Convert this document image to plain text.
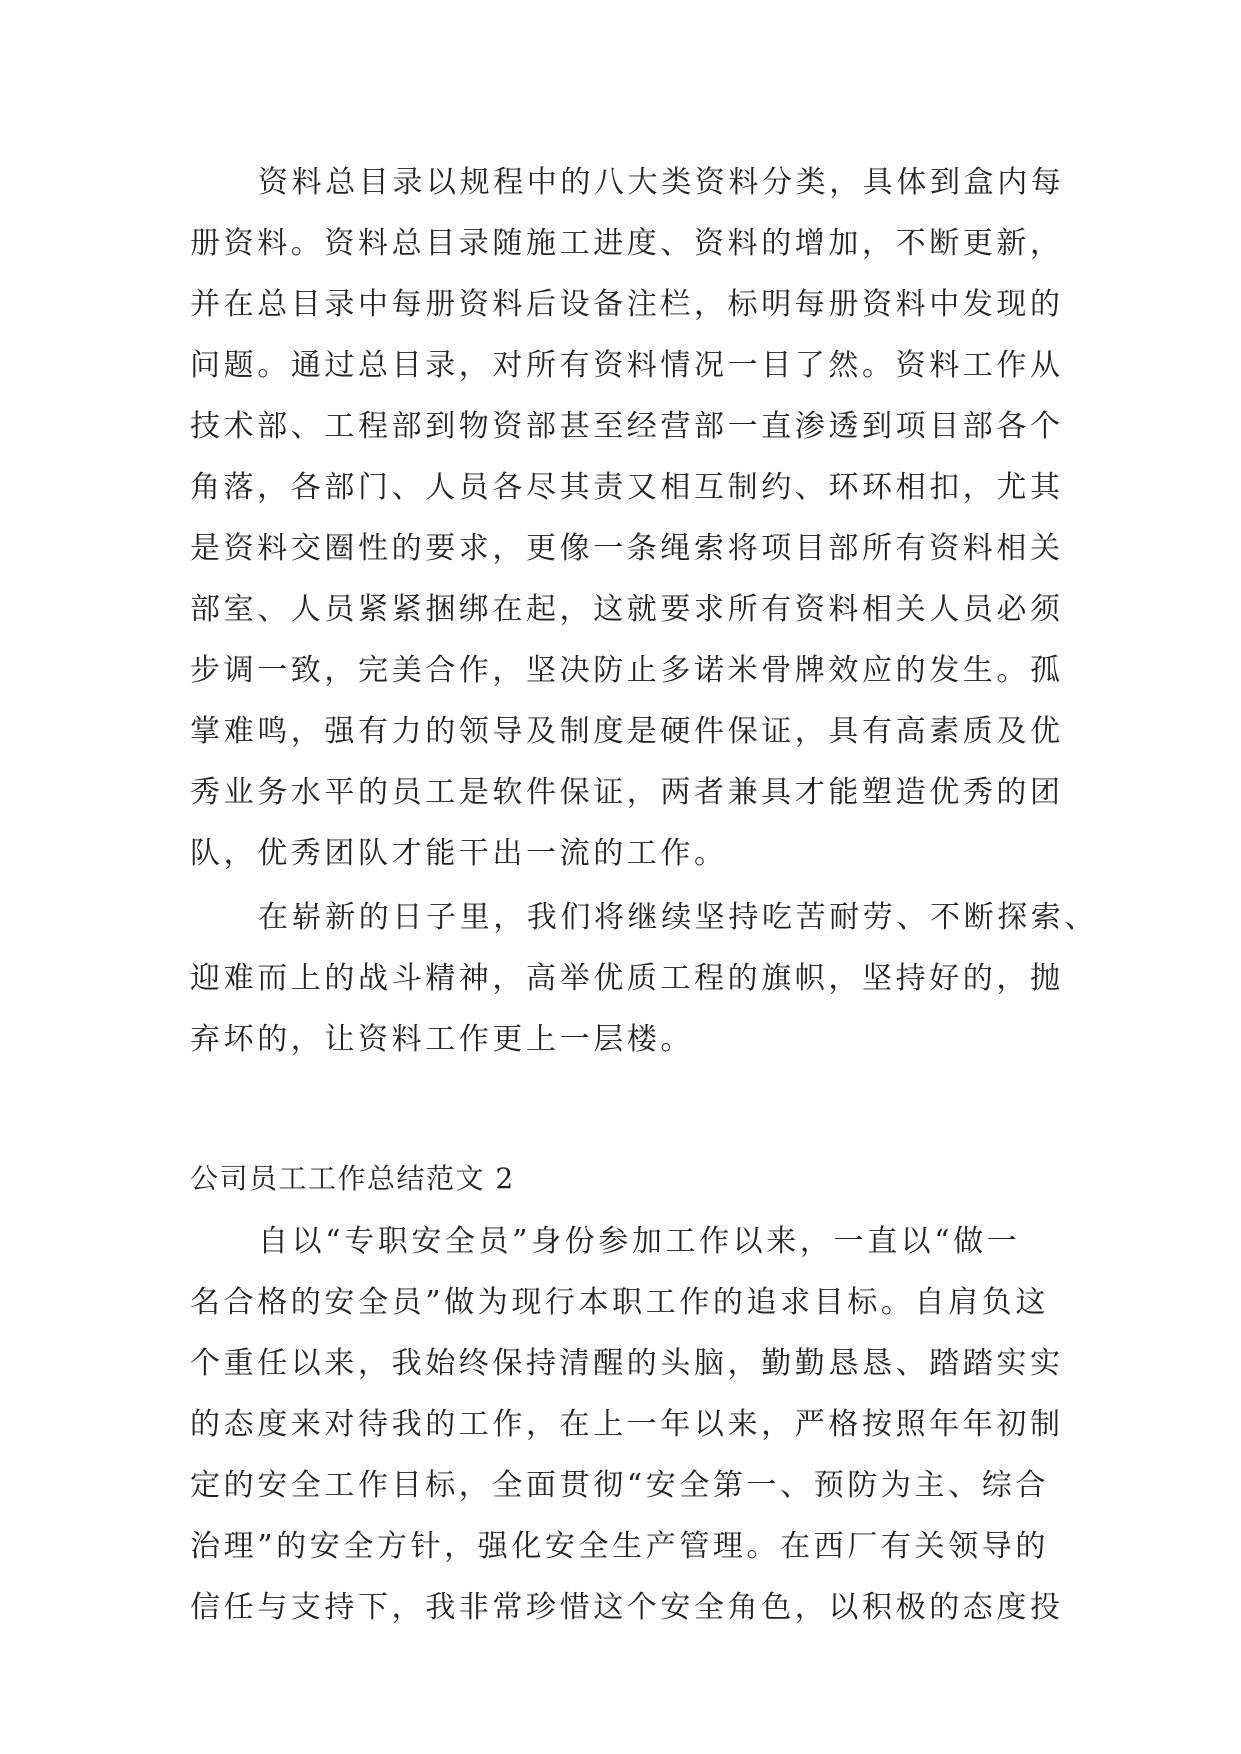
资料总目录以规程中的八大类资料分类，具体到盒内每
册资料。资料总目录随施工进度、资料的增加，不断更新，
并在总目录中每册资料后设备注栏，标明每册资料中发现的
问题。通过总目录，对所有资料情况一目了然。资料工作从
技术部、工程部到物资部甚至经营部一直渗透到项目部各个
角落，各部门、人员各尽其责又相互制约、环环相扣，尤其
是资料交圈性的要求，更像一条绳索将项目部所有资料相关
部室、人员紧紧捆绑在起，这就要求所有资料相关人员必须
步调一致，完美合作，坚决防止多诺米骨牌效应的发生。孤
掌难鸣，强有力的领导及制度是硬件保证，具有高素质及优
秀业务水平的员工是软件保证，两者兼具才能塑造优秀的团
队，优秀团队才能干出一流的工作。
在崭新的日子里，我们将继续坚持吃苦耐劳、不断探索、
迎难而上的战斗精神，高举优质工程的旗帜，坚持好的，抛
弃坏的，让资料工作更上一层楼。
公司员工工作总结范文 2
自以“专职安全员”身份参加工作以来，一直以“做一
名合格的安全员”做为现行本职工作的追求目标。自肩负这
个重任以来，我始终保持清醒的头脑，勤勤恳恳、踏踏实实
的态度来对待我的工作，在上一年以来，严格按照年年初制
定的安全工作目标，全面贯彻“安全第一、预防为主、综合
治理”的安全方针，强化安全生产管理。在西厂有关领导的
信任与支持下，我非常珍惜这个安全角色，以积极的态度投
